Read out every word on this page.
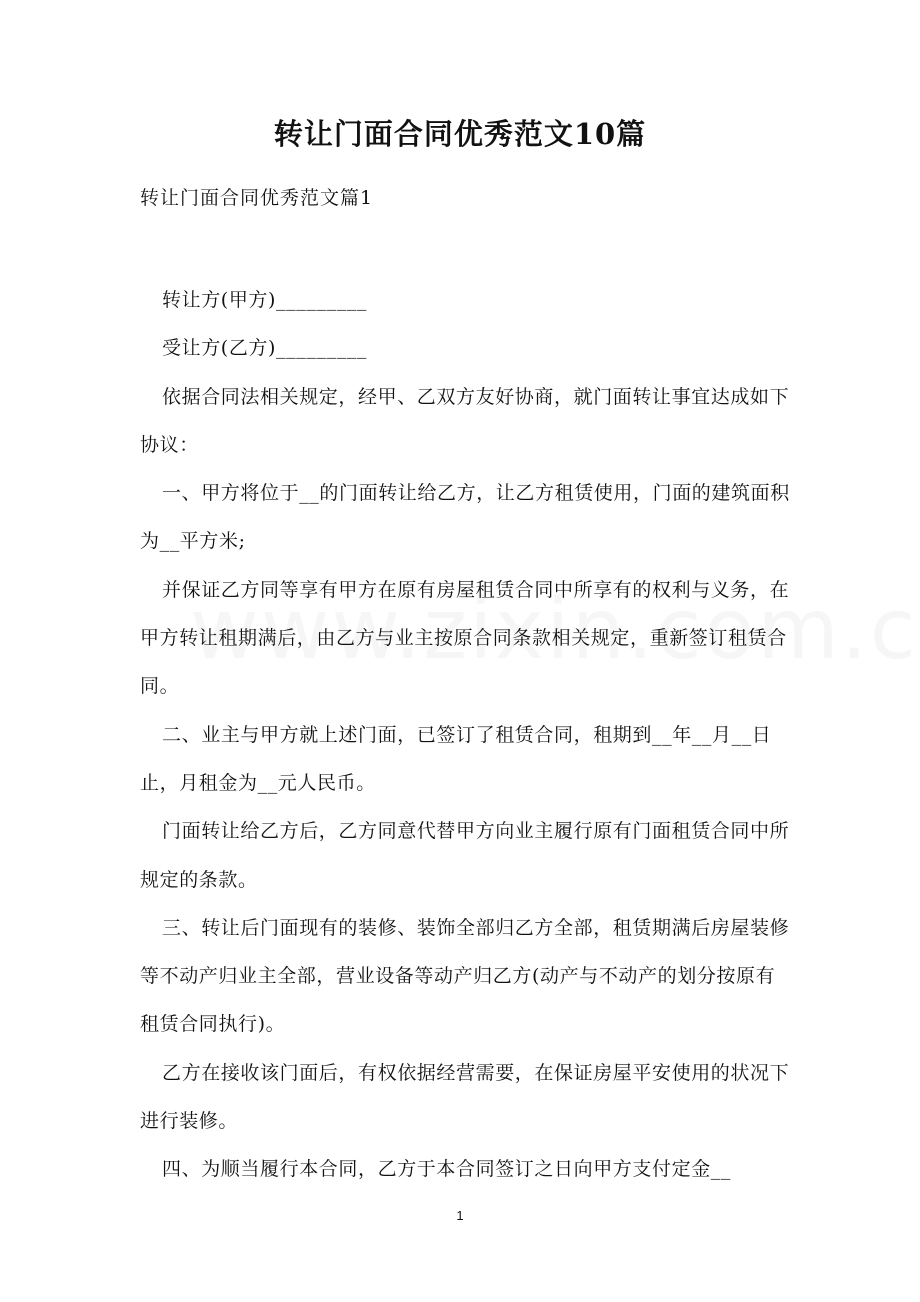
转让门面合同优秀范文10篇
转让门面合同优秀范文篇1

转让方(甲方)_________

受让方(乙方)_________

依据合同法相关规定，经甲、乙双方友好协商，就门面转让事宜达成如下协议：

一、甲方将位于__的门面转让给乙方，让乙方租赁使用，门面的建筑面积为__平方米;

并保证乙方同等享有甲方在原有房屋租赁合同中所享有的权利与义务，在甲方转让租期满后，由乙方与业主按原合同条款相关规定，重新签订租赁合同。

二、业主与甲方就上述门面，已签订了租赁合同，租期到__年__月__日止，月租金为__元人民币。

门面转让给乙方后，乙方同意代替甲方向业主履行原有门面租赁合同中所规定的条款。

三、转让后门面现有的装修、装饰全部归乙方全部，租赁期满后房屋装修等不动产归业主全部，营业设备等动产归乙方(动产与不动产的划分按原有租赁合同执行)。

乙方在接收该门面后，有权依据经营需要，在保证房屋平安使用的状况下进行装修。

四、为顺当履行本合同，乙方于本合同签订之日向甲方支付定金__

1
